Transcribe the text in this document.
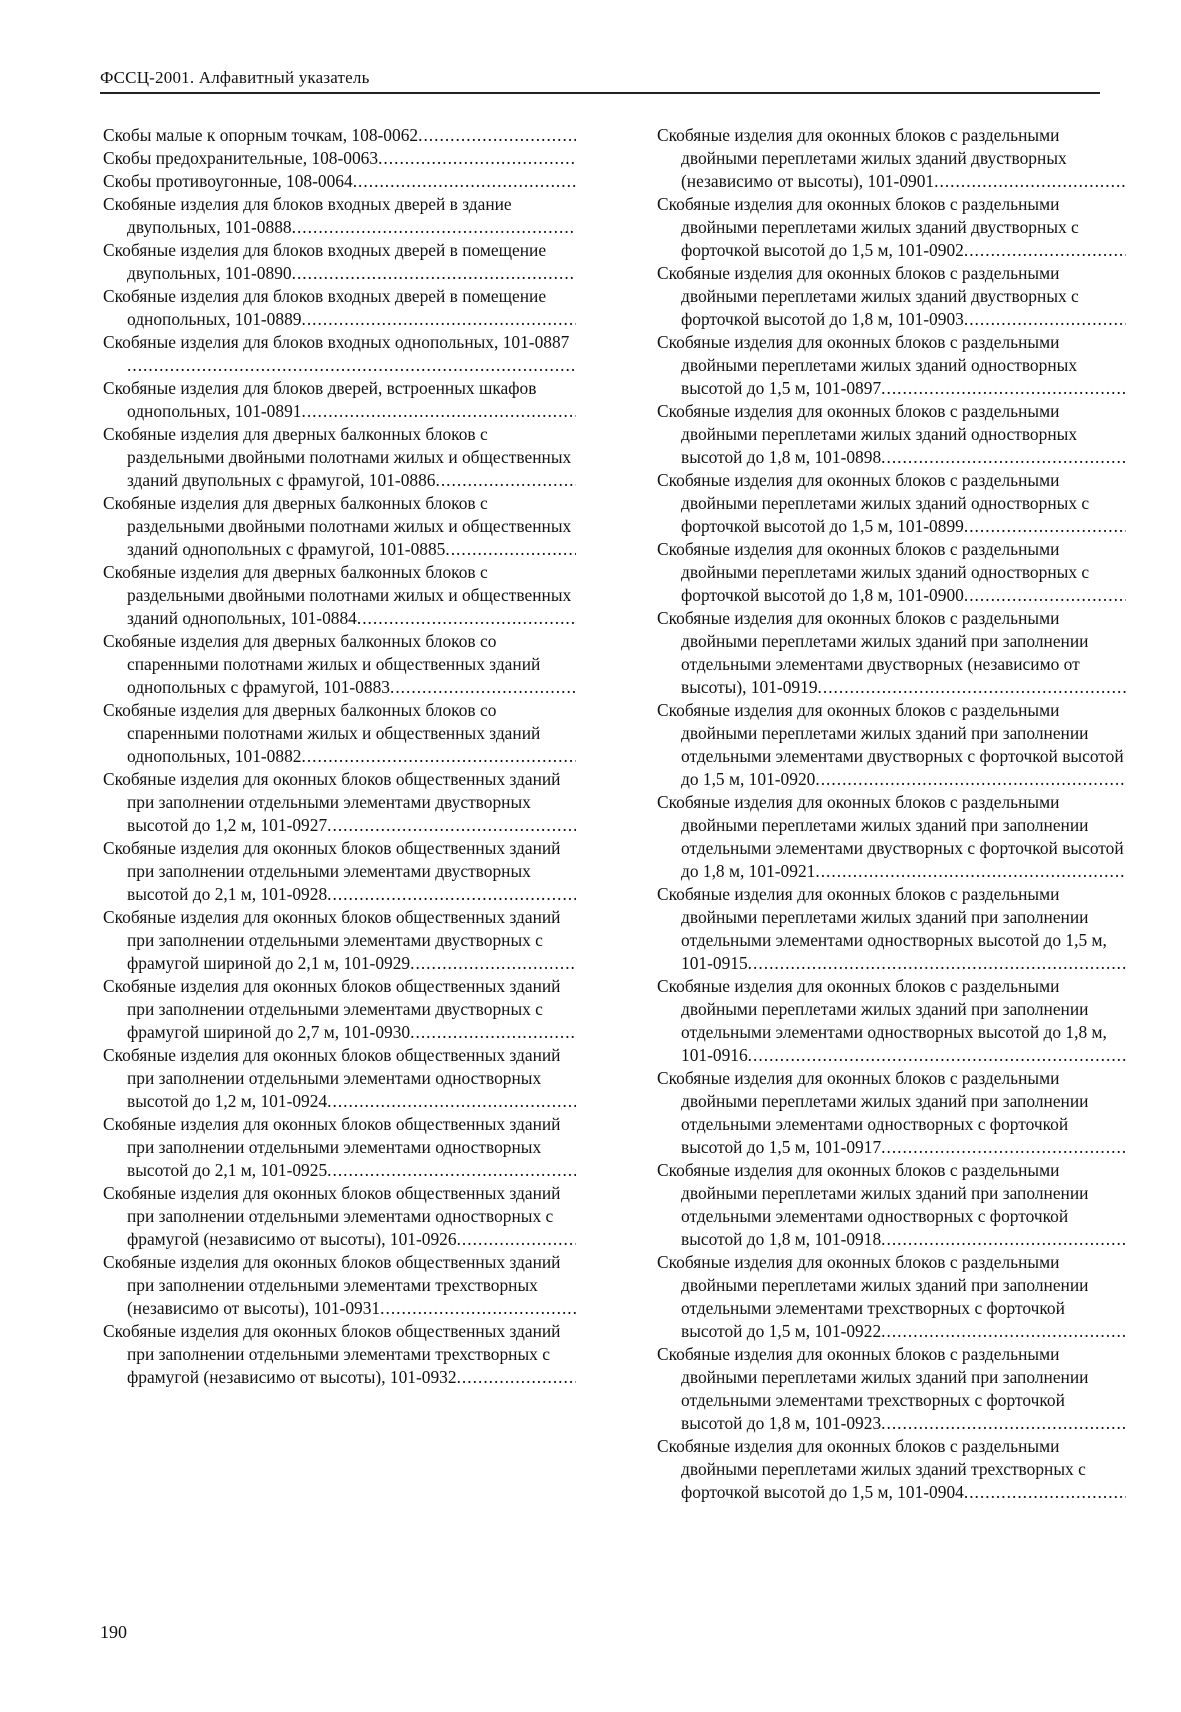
ФССЦ-2001. Алфавитный указатель
Скобы малые к опорным точкам, 108-0062.....
Скобы предохранительные, 108-0063.....
Скобы противоугонные, 108-0064.....
Скобяные изделия для блоков входных дверей в здание двупольных, 101-0888.....
Скобяные изделия для блоков входных дверей в помещение двупольных, 101-0890.....
Скобяные изделия для блоков входных дверей в помещение однопольных, 101-0889.....
Скобяные изделия для блоков входных однопольных, 101-0887.....
Скобяные изделия для блоков дверей, встроенных шкафов однопольных, 101-0891.....
Скобяные изделия для дверных балконных блоков с раздельными двойными полотнами жилых и общественных зданий двупольных с фрамугой, 101-0886.....
Скобяные изделия для дверных балконных блоков с раздельными двойными полотнами жилых и общественных зданий однопольных с фрамугой, 101-0885.....
Скобяные изделия для дверных балконных блоков с раздельными двойными полотнами жилых и общественных зданий однопольных, 101-0884.....
Скобяные изделия для дверных балконных блоков со спаренными полотнами жилых и общественных зданий однопольных с фрамугой, 101-0883.....
Скобяные изделия для дверных балконных блоков со спаренными полотнами жилых и общественных зданий однопольных, 101-0882.....
Скобяные изделия для оконных блоков общественных зданий при заполнении отдельными элементами двустворных высотой до 1,2 м, 101-0927.....
Скобяные изделия для оконных блоков общественных зданий при заполнении отдельными элементами двустворных высотой до 2,1 м, 101-0928.....
Скобяные изделия для оконных блоков общественных зданий при заполнении отдельными элементами двустворных с фрамугой шириной до 2,1 м, 101-0929.....
Скобяные изделия для оконных блоков общественных зданий при заполнении отдельными элементами двустворных с фрамугой шириной до 2,7 м, 101-0930.....
Скобяные изделия для оконных блоков общественных зданий при заполнении отдельными элементами одностворных высотой до 1,2 м, 101-0924.....
Скобяные изделия для оконных блоков общественных зданий при заполнении отдельными элементами одностворных высотой до 2,1 м, 101-0925.....
Скобяные изделия для оконных блоков общественных зданий при заполнении отдельными элементами одностворных с фрамугой (независимо от высоты), 101-0926.....
Скобяные изделия для оконных блоков общественных зданий при заполнении отдельными элементами трехстворных (независимо от высоты), 101-0931.....
Скобяные изделия для оконных блоков общественных зданий при заполнении отдельными элементами трехстворных с фрамугой (независимо от высоты), 101-0932.....
Скобяные изделия для оконных блоков с раздельными двойными переплетами жилых зданий двустворных (независимо от высоты), 101-0901.....
Скобяные изделия для оконных блоков с раздельными двойными переплетами жилых зданий двустворных с форточкой высотой до 1,5 м, 101-0902.....
Скобяные изделия для оконных блоков с раздельными двойными переплетами жилых зданий двустворных с форточкой высотой до 1,8 м, 101-0903.....
Скобяные изделия для оконных блоков с раздельными двойными переплетами жилых зданий одностворных высотой до 1,5 м, 101-0897.....
Скобяные изделия для оконных блоков с раздельными двойными переплетами жилых зданий одностворных высотой до 1,8 м, 101-0898.....
Скобяные изделия для оконных блоков с раздельными двойными переплетами жилых зданий одностворных с форточкой высотой до 1,5 м, 101-0899.....
Скобяные изделия для оконных блоков с раздельными двойными переплетами жилых зданий одностворных с форточкой высотой до 1,8 м, 101-0900.....
Скобяные изделия для оконных блоков с раздельными двойными переплетами жилых зданий при заполнении отдельными элементами двустворных (независимо от высоты), 101-0919.....
Скобяные изделия для оконных блоков с раздельными двойными переплетами жилых зданий при заполнении отдельными элементами двустворных с форточкой высотой до 1,5 м, 101-0920.....
Скобяные изделия для оконных блоков с раздельными двойными переплетами жилых зданий при заполнении отдельными элементами двустворных с форточкой высотой до 1,8 м, 101-0921.....
Скобяные изделия для оконных блоков с раздельными двойными переплетами жилых зданий при заполнении отдельными элементами одностворных высотой до 1,5 м, 101-0915.....
Скобяные изделия для оконных блоков с раздельными двойными переплетами жилых зданий при заполнении отдельными элементами одностворных высотой до 1,8 м, 101-0916.....
Скобяные изделия для оконных блоков с раздельными двойными переплетами жилых зданий при заполнении отдельными элементами одностворных с форточкой высотой до 1,5 м, 101-0917.....
Скобяные изделия для оконных блоков с раздельными двойными переплетами жилых зданий при заполнении отдельными элементами одностворных с форточкой высотой до 1,8 м, 101-0918.....
Скобяные изделия для оконных блоков с раздельными двойными переплетами жилых зданий при заполнении отдельными элементами трехстворных с форточкой высотой до 1,5 м, 101-0922.....
Скобяные изделия для оконных блоков с раздельными двойными переплетами жилых зданий при заполнении отдельными элементами трехстворных с форточкой высотой до 1,8 м, 101-0923.....
Скобяные изделия для оконных блоков с раздельными двойными переплетами жилых зданий трехстворных с форточкой высотой до 1,5 м, 101-0904.....
190
